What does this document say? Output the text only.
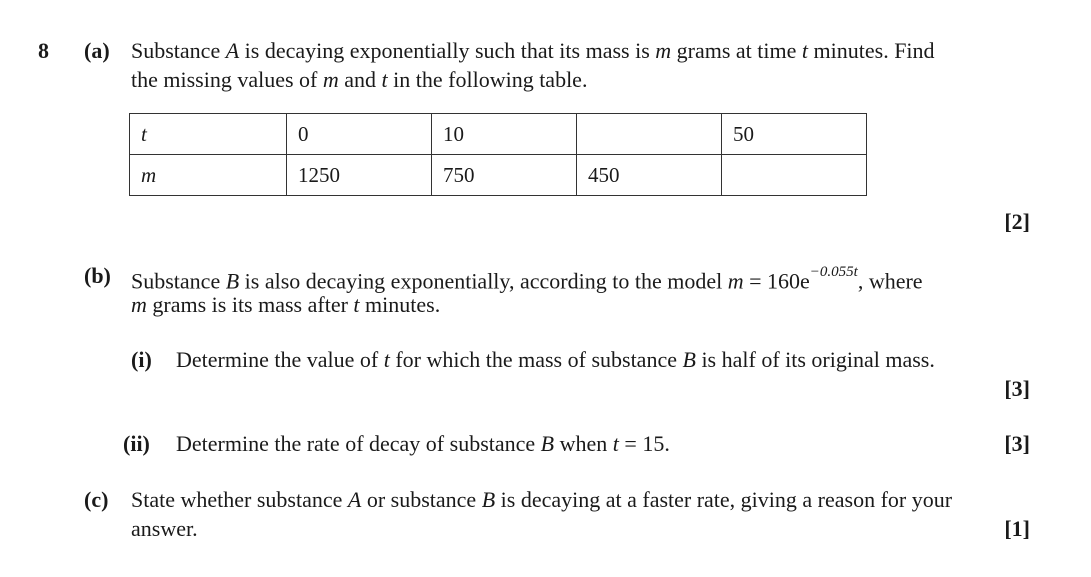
8 (a) Substance A is decaying exponentially such that its mass is m grams at time t minutes. Find
the missing values of m and t in the following table.
t	0	10		50
m	1250	750	450	
[2]
(b) Substance B is also decaying exponentially, according to the model $m = 160e^{-0.055t}$, where
m grams is its mass after t minutes.
(i) Determine the value of t for which the mass of substance B is half of its original mass.
[3]
(ii) Determine the rate of decay of substance B when t = 15.	[3]
(c) State whether substance A or substance B is decaying at a faster rate, giving a reason for your
answer.	[1]
